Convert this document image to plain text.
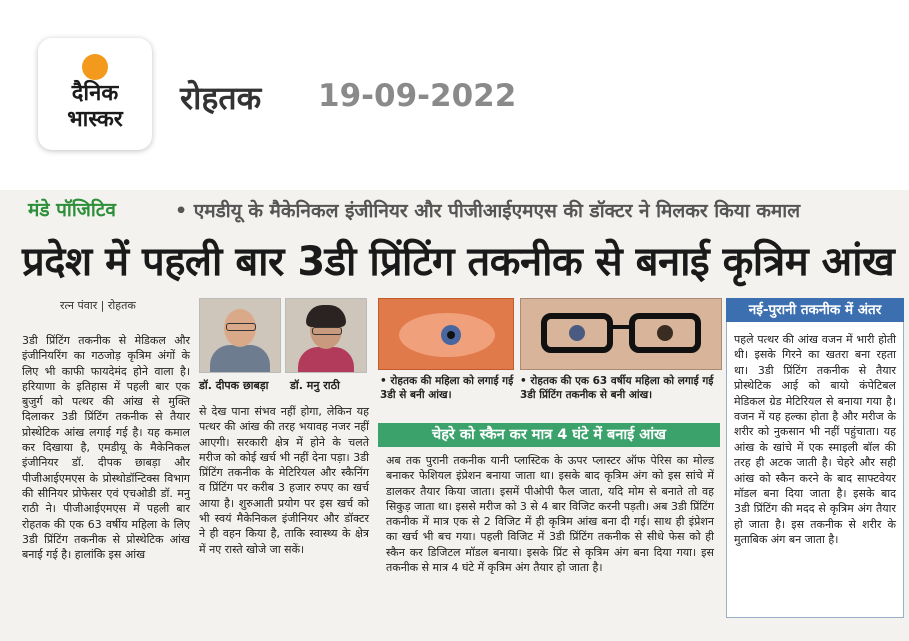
दैनिक
भास्कर
रोहतक 19-09-2022
मंडे पॉजिटिव	• एमडीयू के मैकेनिकल इंजीनियर और पीजीआईएमएस की डॉक्टर ने मिलकर किया कमाल
प्रदेश में पहली बार 3डी प्रिंटिंग तकनीक से बनाई कृत्रिम आंख
रत्न पंवार | रोहतक
3डी प्रिंटिंग तकनीक से मेडिकल और इंजीनियरिंग का गठजोड़ कृत्रिम अंगों के लिए भी काफी फायदेमंद होने वाला है। हरियाणा के इतिहास में पहली बार एक बुजुर्ग को पत्थर की आंख से मुक्ति दिलाकर 3डी प्रिंटिंग तकनीक से तैयार प्रोस्थेटिक आंख लगाई गई है। यह कमाल कर दिखाया है, एमडीयू के मैकेनिकल इंजीनियर डॉ. दीपक छाबड़ा और पीजीआईएमएस के प्रोस्थोडॉन्टिक्स विभाग की सीनियर प्रोफेसर एवं एचओडी डॉ. मनु राठी ने। पीजीआईएमएस में पहली बार रोहतक की एक 63 वर्षीय महिला के लिए 3डी प्रिंटिंग तकनीक से प्रोस्थेटिक आंख बनाई गई है। हालांकि इस आंख
डॉ. दीपक छाबड़ा डॉ. मनु राठी
से देख पाना संभव नहीं होगा, लेकिन यह पत्थर की आंख की तरह भयावह नजर नहीं आएगी। सरकारी क्षेत्र में होने के चलते मरीज को कोई खर्च भी नहीं देना पड़ा। 3डी प्रिंटिंग तकनीक के मेटिरियल और स्कैनिंग व प्रिंटिंग पर करीब 3 हजार रुपए का खर्च आया है। शुरुआती प्रयोग पर इस खर्च को भी स्वयं मैकेनिकल इंजीनियर और डॉक्टर ने ही वहन किया है, ताकि स्वास्थ्य के क्षेत्र में नए रास्ते खोजे जा सकें।
• रोहतक की महिला को लगाई गई 3डी से बनी आंख।
• रोहतक की एक 63 वर्षीय महिला को लगाई गई 3डी प्रिंटिंग तकनीक से बनी आंख।
चेहरे को स्कैन कर मात्र 4 घंटे में बनाई आंख
अब तक पुरानी तकनीक यानी प्लास्टिक के ऊपर प्लास्टर ऑफ पेरिस का मोल्ड बनाकर फेशियल इंप्रेशन बनाया जाता था। इसके बाद कृत्रिम अंग को इस सांचे में डालकर तैयार किया जाता। इसमें पीओपी फैल जाता, यदि मोम से बनाते तो वह सिकुड़ जाता था। इससे मरीज को 3 से 4 बार विजिट करनी पड़ती। अब 3डी प्रिंटिंग तकनीक में मात्र एक से 2 विजिट में ही कृत्रिम आंख बना दी गई। साथ ही इंप्रेशन का खर्च भी बच गया। पहली विजिट में 3डी प्रिंटिंग तकनीक से सीधे फेस को ही स्कैन कर डिजिटल मॉडल बनाया। इसके प्रिंट से कृत्रिम अंग बना दिया गया। इस तकनीक से मात्र 4 घंटे में कृत्रिम अंग तैयार हो जाता है।
नई-पुरानी तकनीक में अंतर
पहले पत्थर की आंख वजन में भारी होती थी। इसके गिरने का खतरा बना रहता था। 3डी प्रिंटिंग तकनीक से तैयार प्रोस्थेटिक आई को बायो कंपेटिबल मेडिकल ग्रेड मेटिरियल से बनाया गया है। वजन में यह हल्का होता है और मरीज के शरीर को नुकसान भी नहीं पहुंचाता। यह आंख के खांचे में एक स्माइली बॉल की तरह ही अटक जाती है। चेहरे और सही आंख को स्कैन करने के बाद साफ्टवेयर मॉडल बना दिया जाता है। इसके बाद 3डी प्रिंटिंग की मदद से कृत्रिम अंग तैयार हो जाता है। इस तकनीक से शरीर के मुताबिक अंग बन जाता है।
